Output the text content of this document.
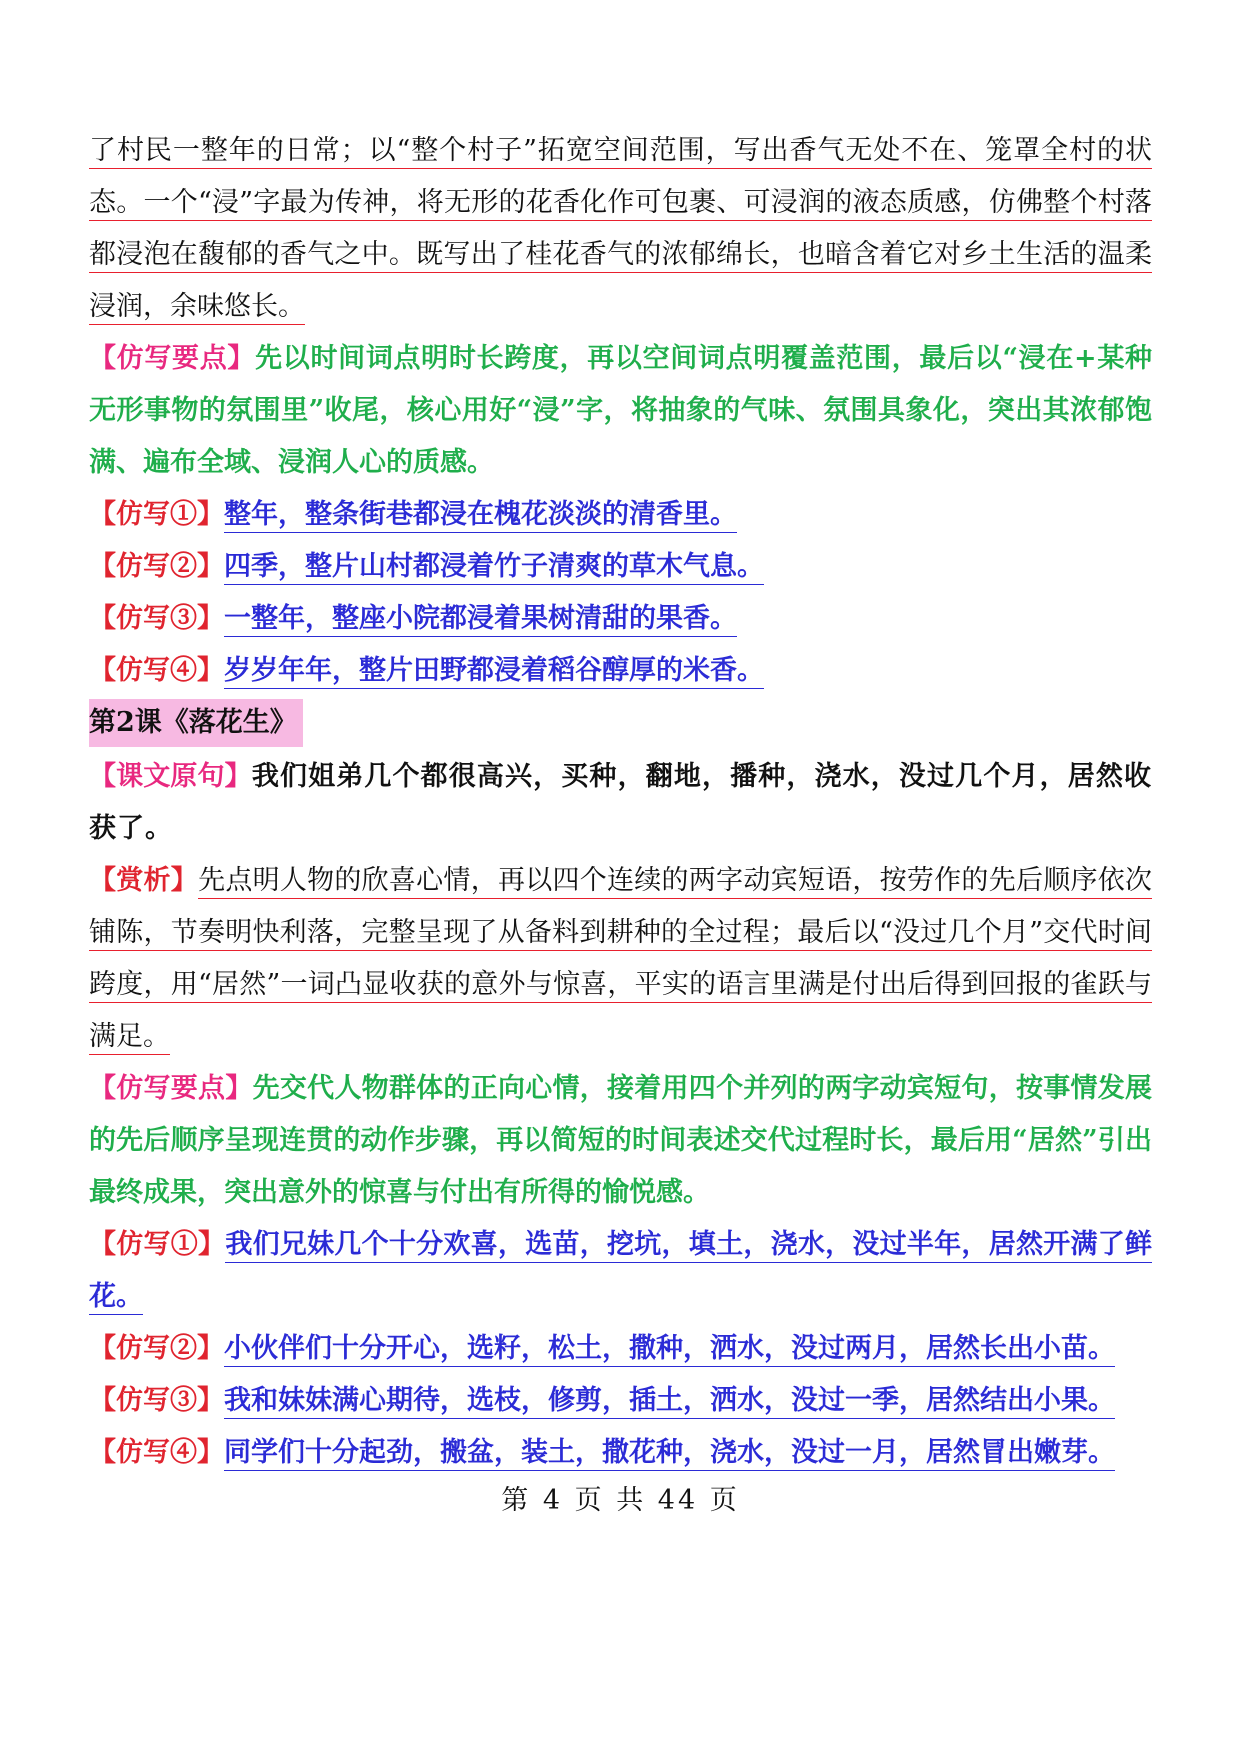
了村民一整年的日常；以“整个村子”拓宽空间范围，写出香气无处不在、笼罩全村的状态。一个“浸”字最为传神，将无形的花香化作可包裹、可浸润的液态质感，仿佛整个村落都浸泡在馥郁的香气之中。既写出了桂花香气的浓郁绵长，也暗含着它对乡土生活的温柔浸润，余味悠长。

【仿写要点】先以时间词点明时长跨度，再以空间词点明覆盖范围，最后以“浸在+某种无形事物的氛围里”收尾，核心用好“浸”字，将抽象的气味、氛围具象化，突出其浓郁饱满、遍布全域、浸润人心的质感。

【仿写①】整年，整条街巷都浸在槐花淡淡的清香里。

【仿写②】四季，整片山村都浸着竹子清爽的草木气息。

【仿写③】一整年，整座小院都浸着果树清甜的果香。

【仿写④】岁岁年年，整片田野都浸着稻谷醇厚的米香。

第2课《落花生》

【课文原句】我们姐弟几个都很高兴，买种，翻地，播种，浇水，没过几个月，居然收获了。

【赏析】先点明人物的欣喜心情，再以四个连续的两字动宾短语，按劳作的先后顺序依次铺陈，节奏明快利落，完整呈现了从备料到耕种的全过程；最后以“没过几个月”交代时间跨度，用“居然”一词凸显收获的意外与惊喜，平实的语言里满是付出后得到回报的雀跃与满足。

【仿写要点】先交代人物群体的正向心情，接着用四个并列的两字动宾短句，按事情发展的先后顺序呈现连贯的动作步骤，再以简短的时间表述交代过程时长，最后用“居然”引出最终成果，突出意外的惊喜与付出有所得的愉悦感。

【仿写①】我们兄妹几个十分欢喜，选苗，挖坑，填土，浇水，没过半年，居然开满了鲜花。

【仿写②】小伙伴们十分开心，选籽，松土，撒种，洒水，没过两月，居然长出小苗。

【仿写③】我和妹妹满心期待，选枝，修剪，插土，洒水，没过一季，居然结出小果。

【仿写④】同学们十分起劲，搬盆，装土，撒花种，浇水，没过一月，居然冒出嫩芽。

第 4 页 共 44 页
